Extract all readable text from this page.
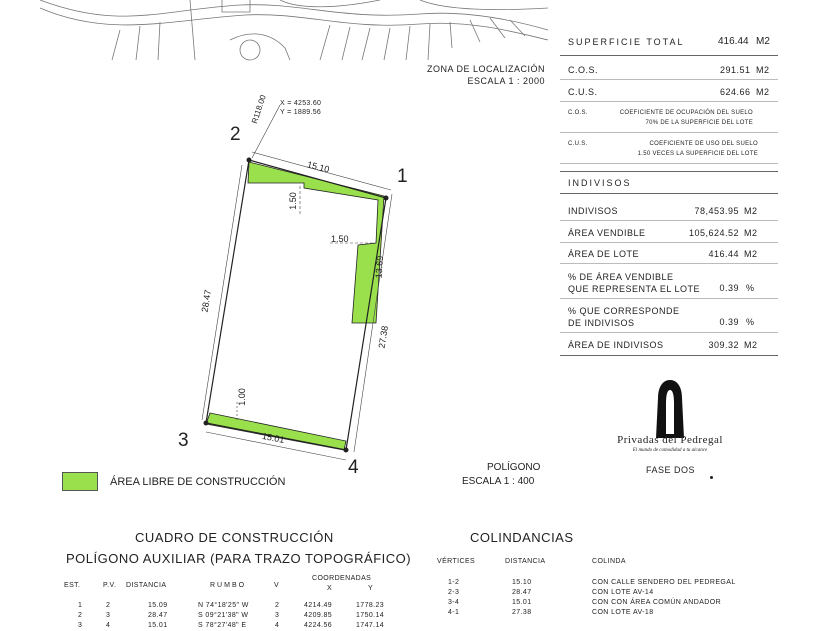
ZONA DE LOCALIZACIÓN
ESCALA 1 : 2000
SUPERFICIE TOTAL	416.44 M2
C.O.S.	291.51 M2
C.U.S.	624.66 M2
C.O.S.	COEFICIENTE DE OCUPACIÓN DEL SUELO
70% DE LA SUPERFICIE DEL LOTE
C.U.S.	COEFICIENTE DE USO DEL SUELO
1.50 VECES LA SUPERFICIE DEL LOTE
INDIVISOS
INDIVISOS	78,453.95 M2
ÁREA VENDIBLE	105,624.52 M2
ÁREA DE LOTE	416.44 M2
% DE ÁREA VENDIBLE
QUE REPRESENTA EL LOTE	0.39 %
% QUE CORRESPONDE
DE INDIVISOS	0.39 %
ÁREA DE INDIVISOS	309.32 M2
Privadas del Pedregal
El mundo de comodidad a tu alcance
FASE DOS
X = 4253.60
Y = 1889.56
R118.00
2
1
3
4
15.10
28.47
15.01
27.38
1.50
1.50
13.69
1.00
POLÍGONO
ESCALA 1 : 400
ÁREA LIBRE DE CONSTRUCCIÓN
CUADRO DE CONSTRUCCIÓN
POLÍGONO AUXILIAR (PARA TRAZO TOPOGRÁFICO)
EST.	P.V. DISTANCIA	RUMBO	V
COORDENADAS
X	Y
1	2	15.09	N 74°18'25" W	2	4214.49	1778.23
2	3	28.47	S 09°21'38" W	3	4209.85	1750.14
3	4	15.01	S 78°27'48" E	4	4224.56	1747.14
COLINDANCIAS
VÉRTICES	DISTANCIA	COLINDA
1-2	15.10	CON CALLE SENDERO DEL PEDREGAL
2-3	28.47	CON LOTE AV-14
3-4	15.01	CON CON ÁREA COMÚN ANDADOR
4-1	27.38	CON LOTE AV-18
